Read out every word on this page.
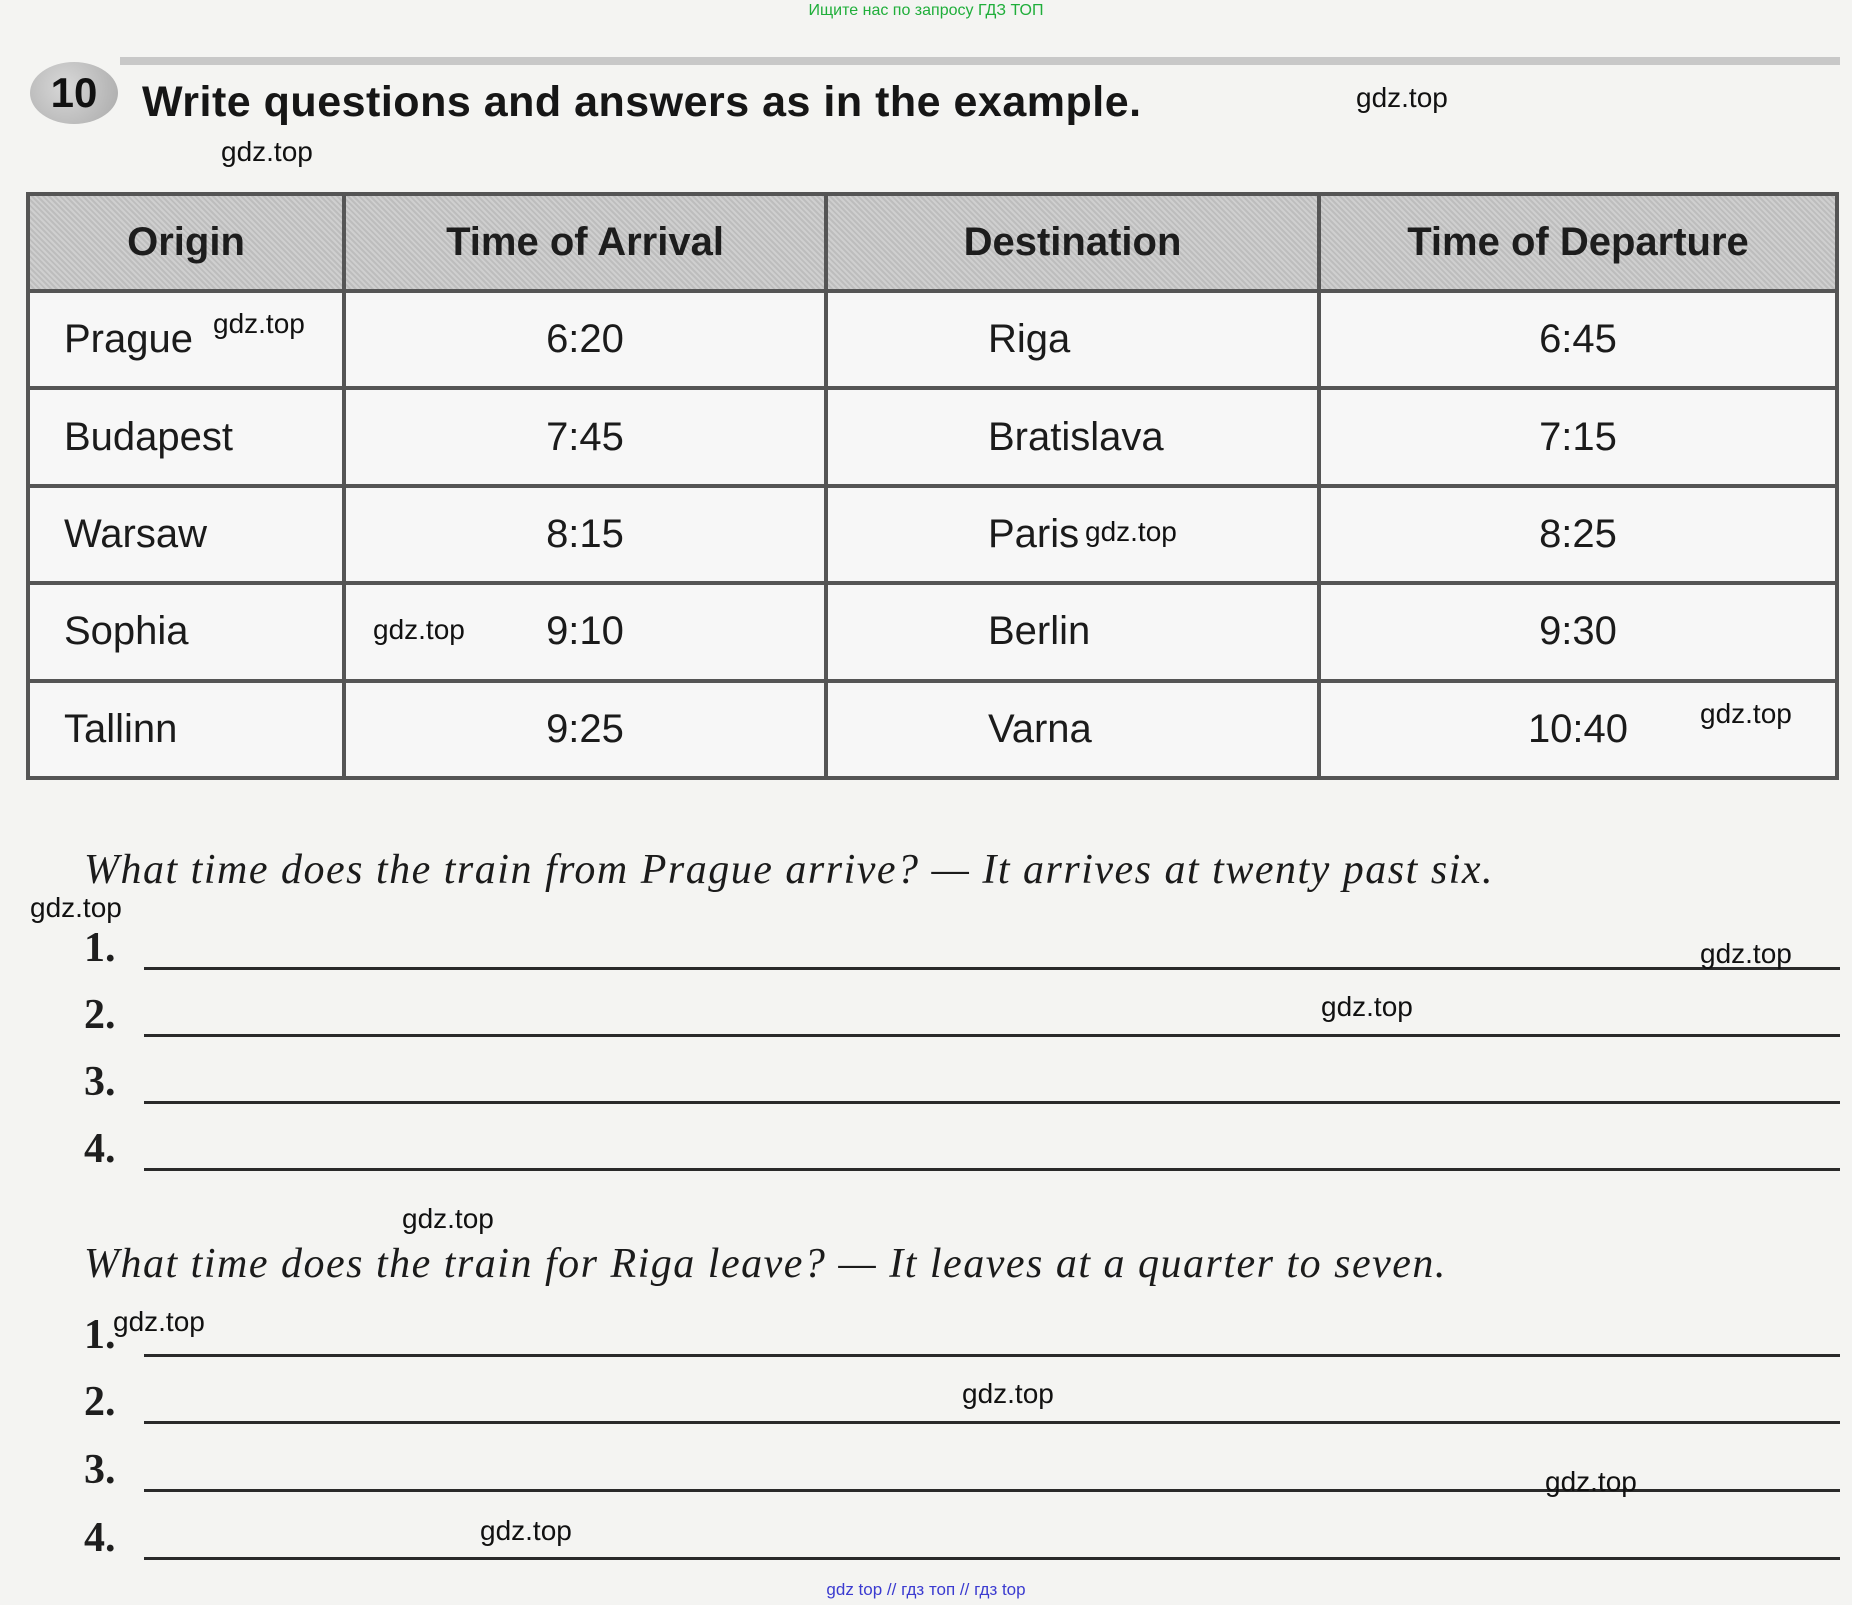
Ищите нас по запросу ГДЗ ТОП
10 Write questions and answers as in the example.
Origin	Time of Arrival	Destination	Time of Departure
Prague	6:20	Riga	6:45
Budapest	7:45	Bratislava	7:15
Warsaw	8:15	Paris	8:25
Sophia	9:10	Berlin	9:30
Tallinn	9:25	Varna	10:40
What time does the train from Prague arrive? — It arrives at twenty past six.
1.
2.
3.
4.
What time does the train for Riga leave? — It leaves at a quarter to seven.
1.
2.
3.
4.
gdz.top
gdz.top
gdz.top
gdz.top
gdz.top
gdz.top
gdz.top
gdz.top
gdz.top
gdz.top
gdz.top
gdz.top
gdz.top
gdz.top
gdz top // гдз топ // гдз top
